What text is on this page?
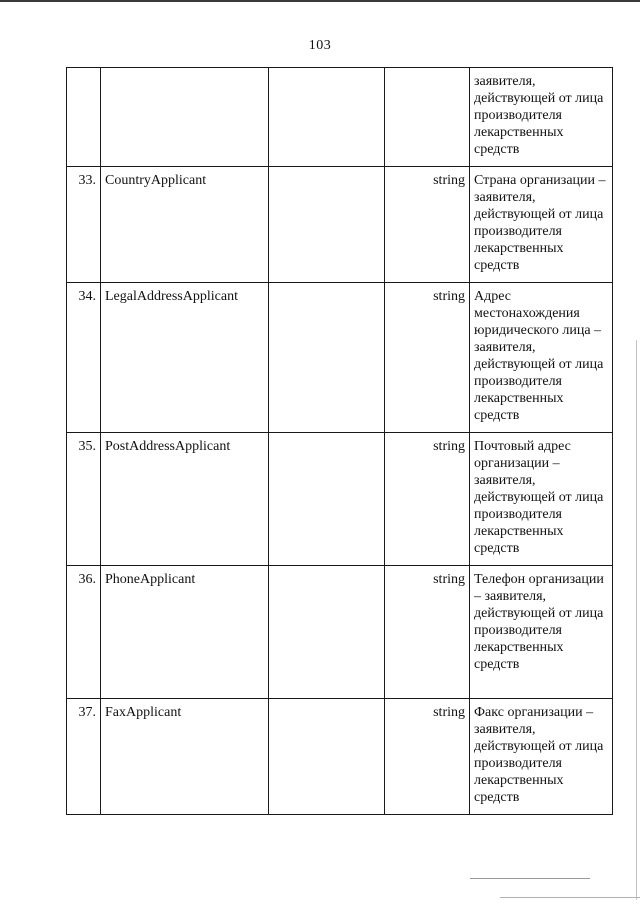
103
				заявителя, действующей от лица производителя лекарственных средств
33.	CountryApplicant		string	Страна организации – заявителя, действующей от лица производителя лекарственных средств
34.	LegalAddressApplicant		string	Адрес местонахождения юридического лица – заявителя, действующей от лица производителя лекарственных средств
35.	PostAddressApplicant		string	Почтовый адрес организации – заявителя, действующей от лица производителя лекарственных средств
36.	PhoneApplicant		string	Телефон организации – заявителя, действующей от лица производителя лекарственных средств
37.	FaxApplicant		string	Факс организации – заявителя, действующей от лица производителя лекарственных средств
